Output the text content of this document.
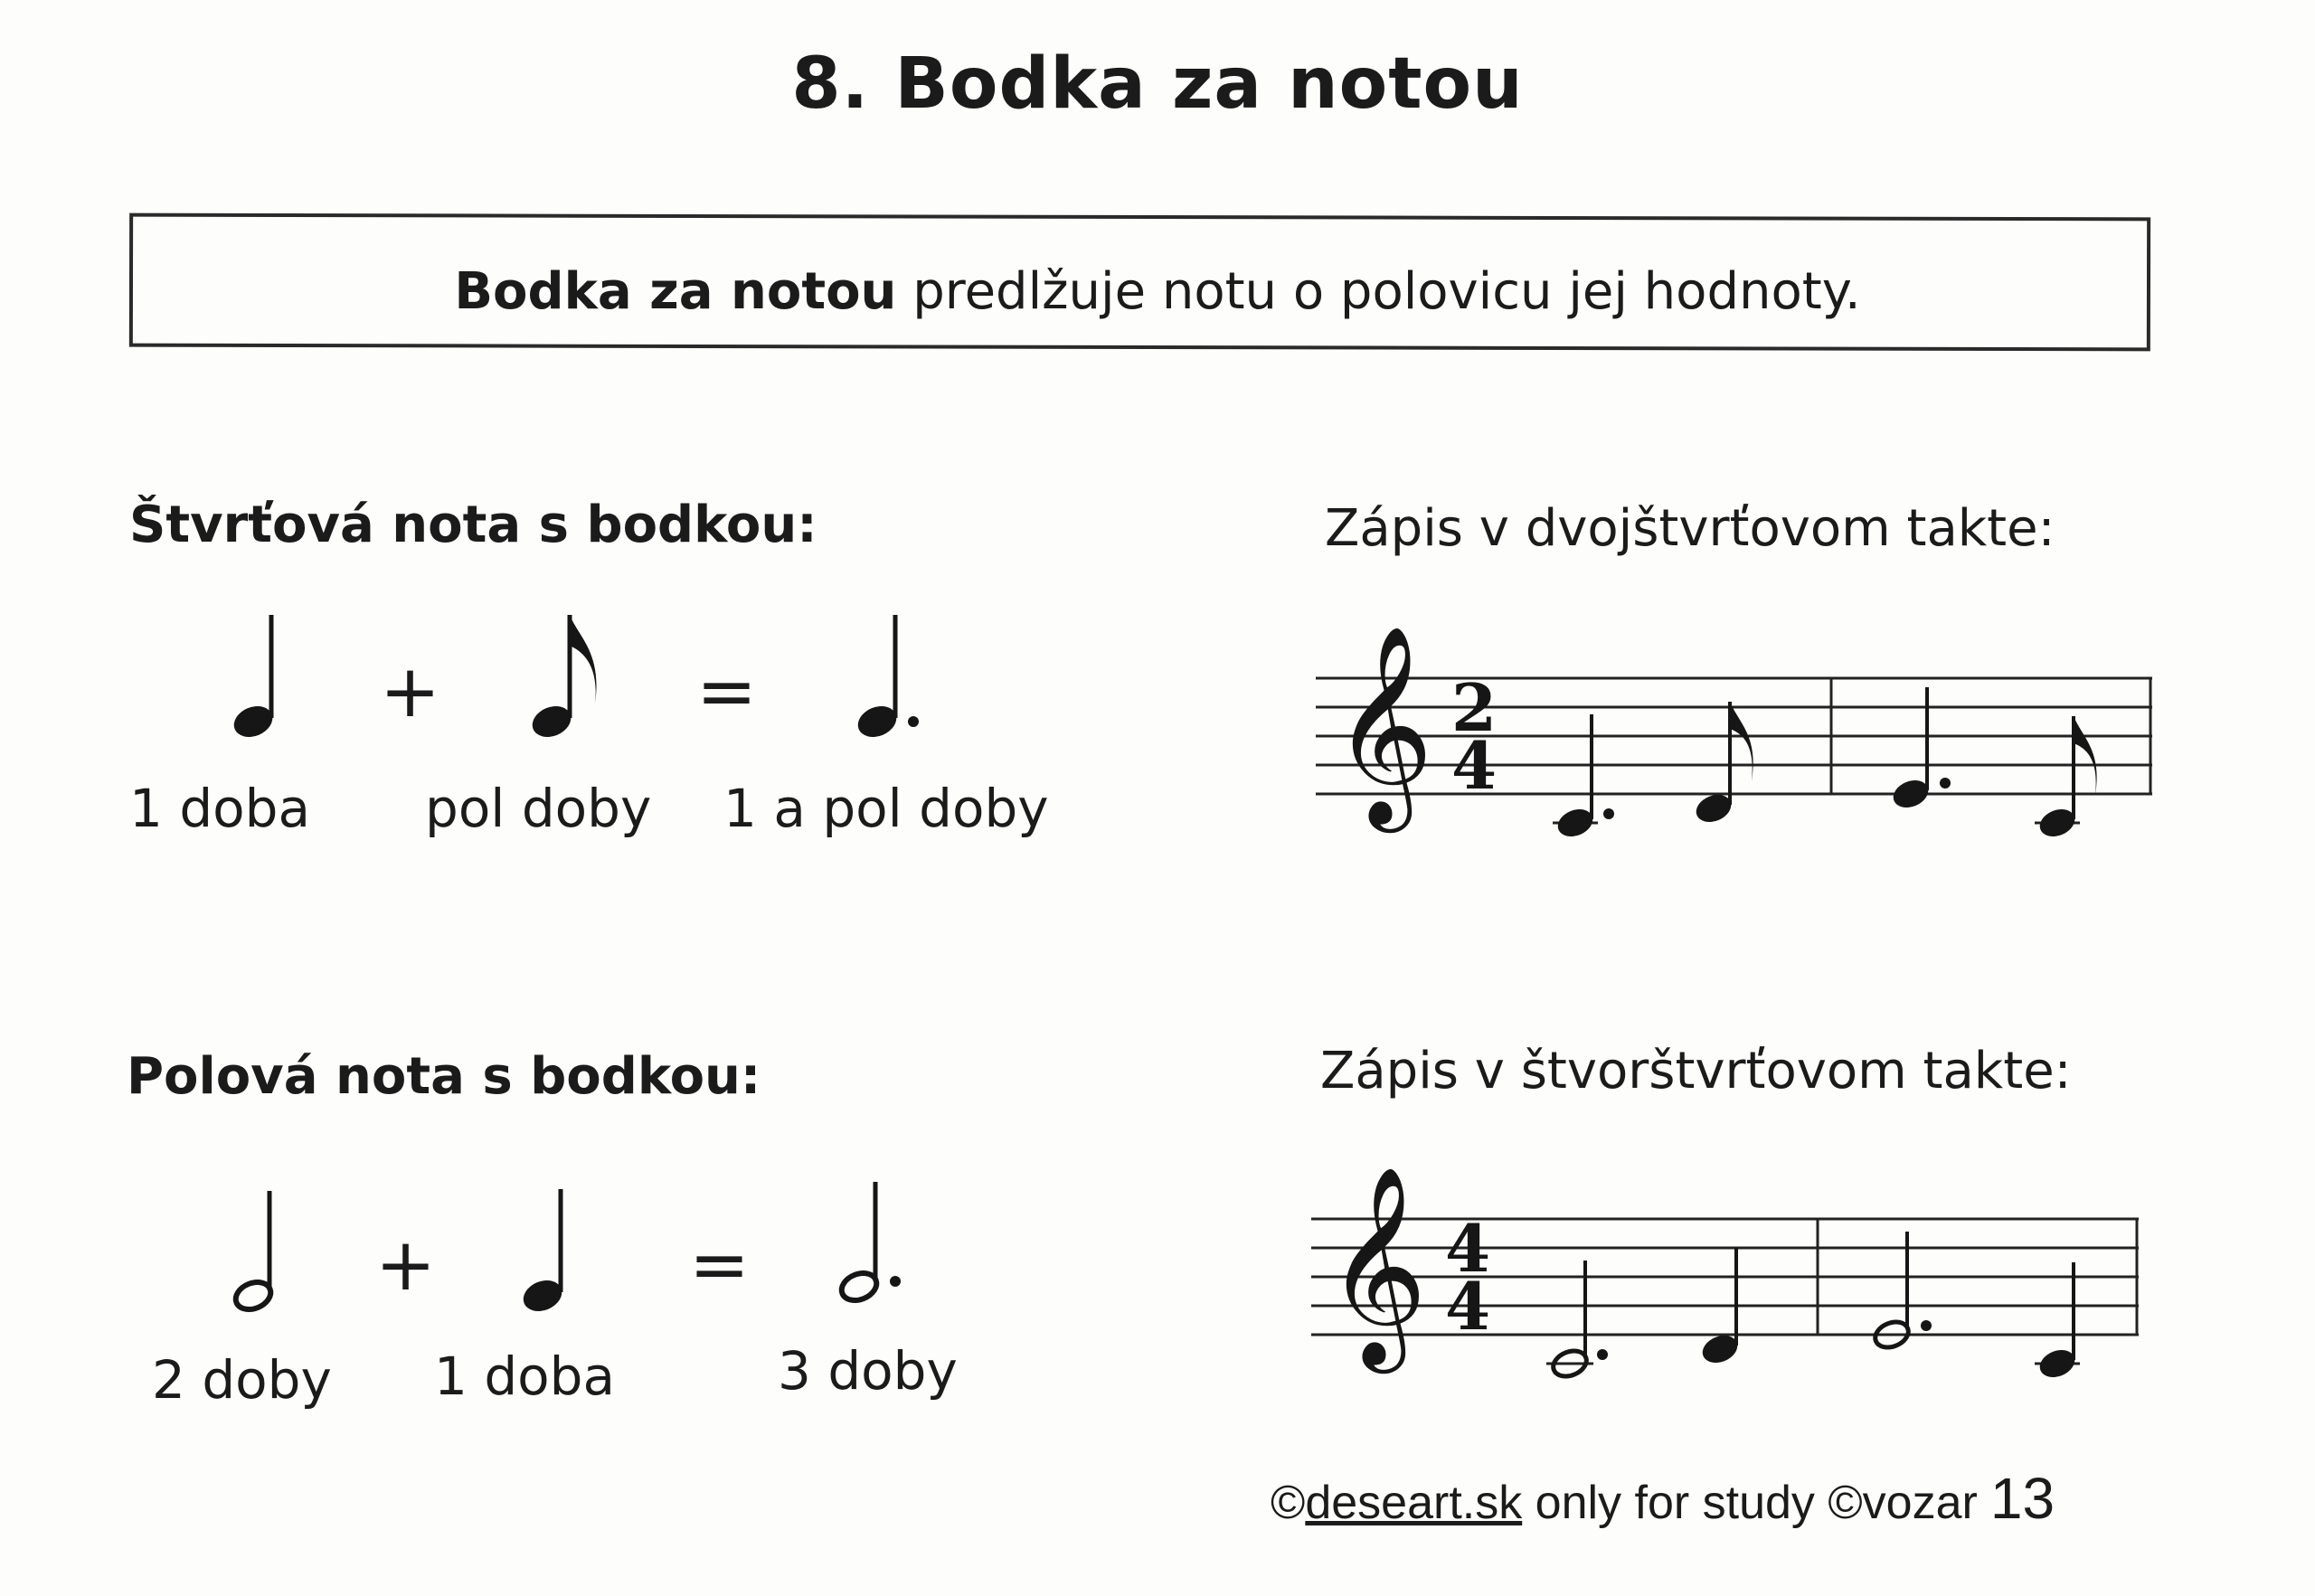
8. Bodka za notou
Bodka za notou predlžuje notu o polovicu jej hodnoty.
Štvrťová nota s bodkou:	Zápis v dvojštvrťovom takte:
+	=
1 doba pol doby 1 a pol doby 𝄞 2
4
Polová nota s bodkou:	Zápis v štvorštvrťovom takte:
+	=
2 doby 1 doba	3 doby
𝄞 4
4
©deseart.sk only for study ©vozar 13
